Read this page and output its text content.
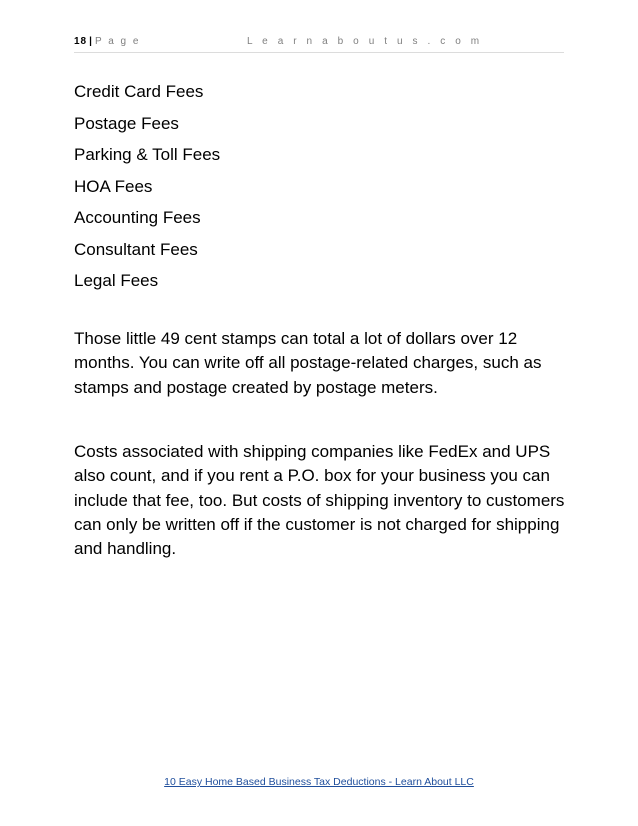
18 | P a g e	L e a r n a b o u t u s . c o m
Credit Card Fees
Postage Fees
Parking & Toll Fees
HOA Fees
Accounting Fees
Consultant Fees
Legal Fees

Those little 49 cent stamps can total a lot of dollars over 12 months. You can write off all postage-related charges, such as stamps and postage created by postage meters.

Costs associated with shipping companies like FedEx and UPS also count, and if you rent a P.O. box for your business you can include that fee, too. But costs of shipping inventory to customers can only be written off if the customer is not charged for shipping and handling.

10 Easy Home Based Business Tax Deductions - Learn About LLC
